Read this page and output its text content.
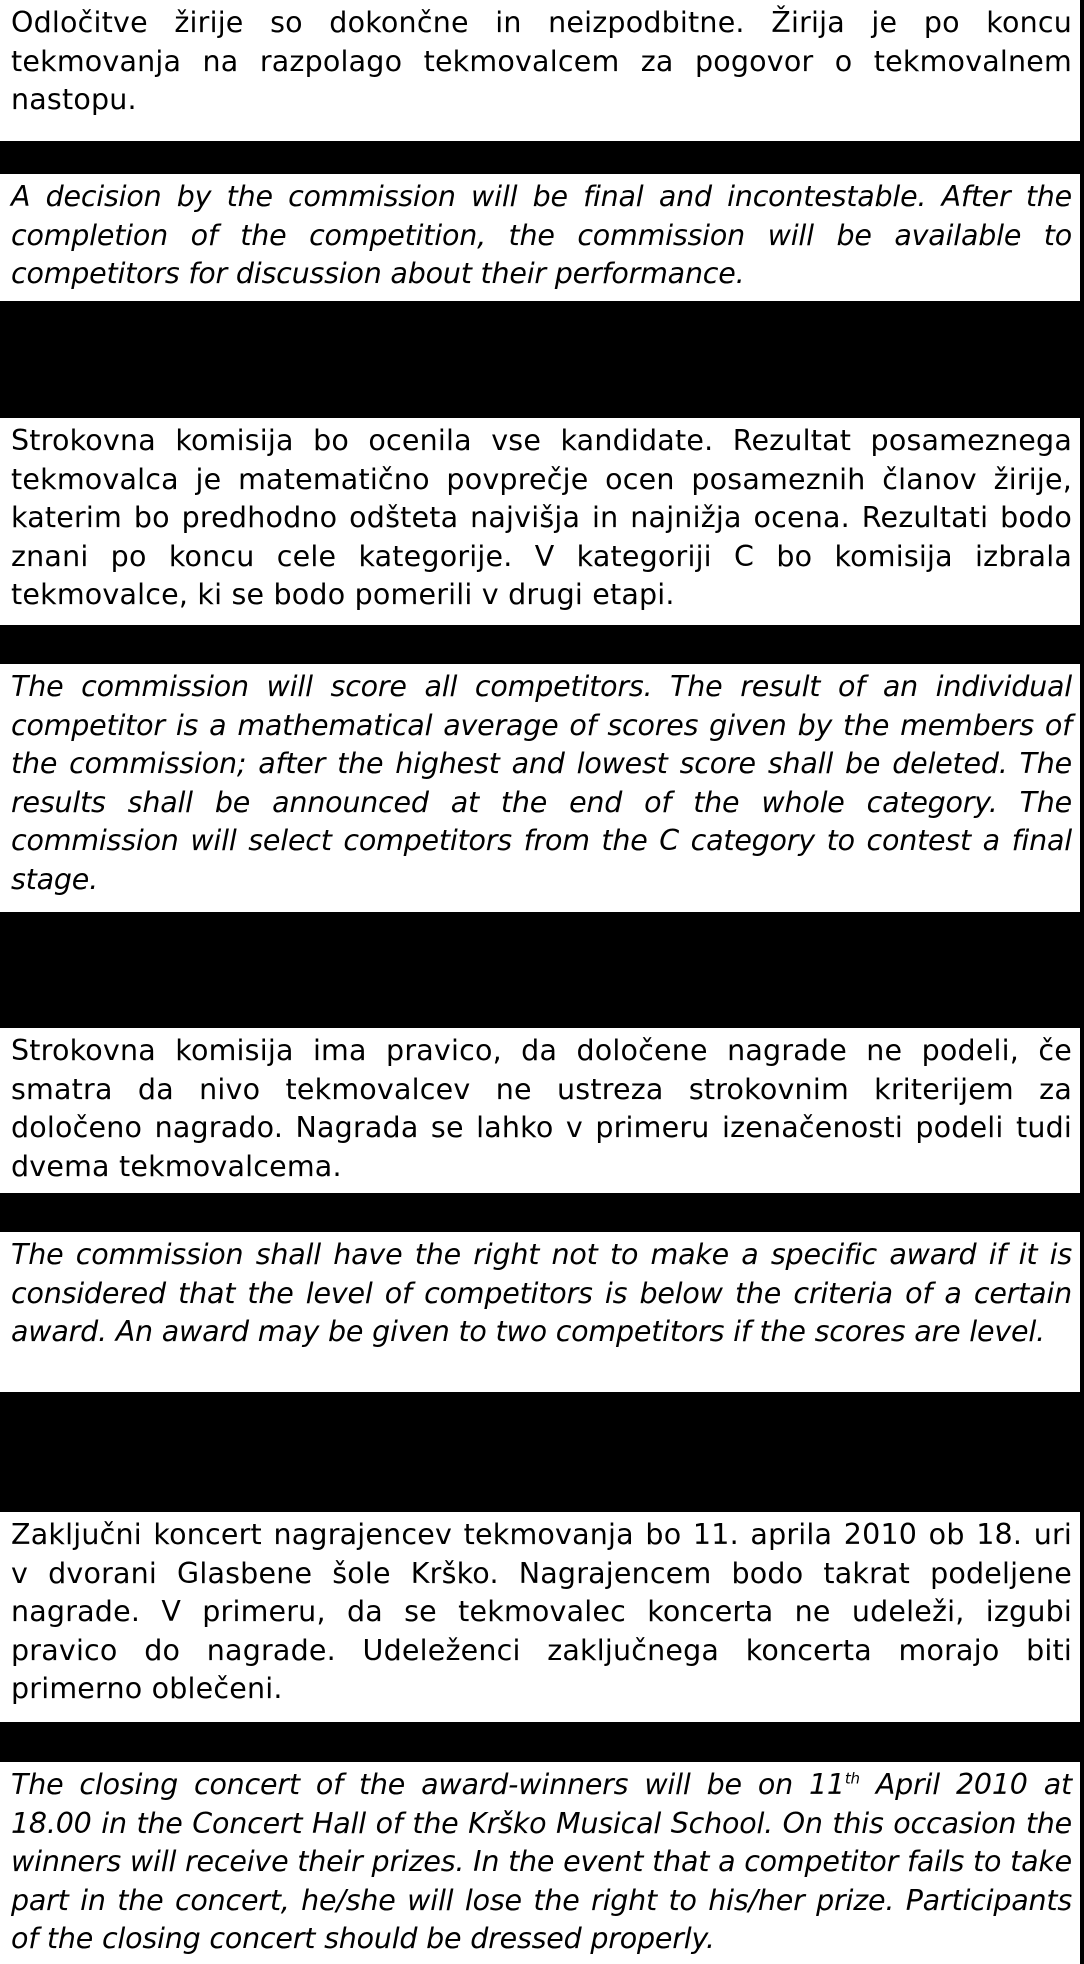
Odločitve žirije so dokončne in neizpodbitne. Žirija je po koncu tekmovanja na razpolago tekmovalcem za pogovor o tekmovalnem nastopu.
A decision by the commission will be final and incontestable. After the completion of the competition, the commission will be available to competitors for discussion about their performance.
Strokovna komisija bo ocenila vse kandidate. Rezultat posameznega tekmovalca je matematično povprečje ocen posameznih članov žirije, katerim bo predhodno odšteta najvišja in najnižja ocena. Rezultati bodo znani po koncu cele kategorije. V kategoriji C bo komisija izbrala tekmovalce, ki se bodo pomerili v drugi etapi.
The commission will score all competitors. The result of an individual competitor is a mathematical average of scores given by the members of the commission; after the highest and lowest score shall be deleted. The results shall be announced at the end of the whole category. The commission will select competitors from the C category to contest a final stage.
Strokovna komisija ima pravico, da določene nagrade ne podeli, če smatra da nivo tekmovalcev ne ustreza strokovnim kriterijem za določeno nagrado. Nagrada se lahko v primeru izenačenosti podeli tudi dvema tekmovalcema.
The commission shall have the right not to make a specific award if it is considered that the level of competitors is below the criteria of a certain award. An award may be given to two competitors if the scores are level.
Zaključni koncert nagrajencev tekmovanja bo 11. aprila 2010 ob 18. uri v dvorani Glasbene šole Krško. Nagrajencem bodo takrat podeljene nagrade. V primeru, da se tekmovalec koncerta ne udeleži, izgubi pravico do nagrade. Udeleženci zaključnega koncerta morajo biti primerno oblečeni.
The closing concert of the award-winners will be on 11th April 2010 at 18.00 in the Concert Hall of the Krško Musical School. On this occasion the winners will receive their prizes. In the event that a competitor fails to take part in the concert, he/she will lose the right to his/her prize. Participants of the closing concert should be dressed properly.
